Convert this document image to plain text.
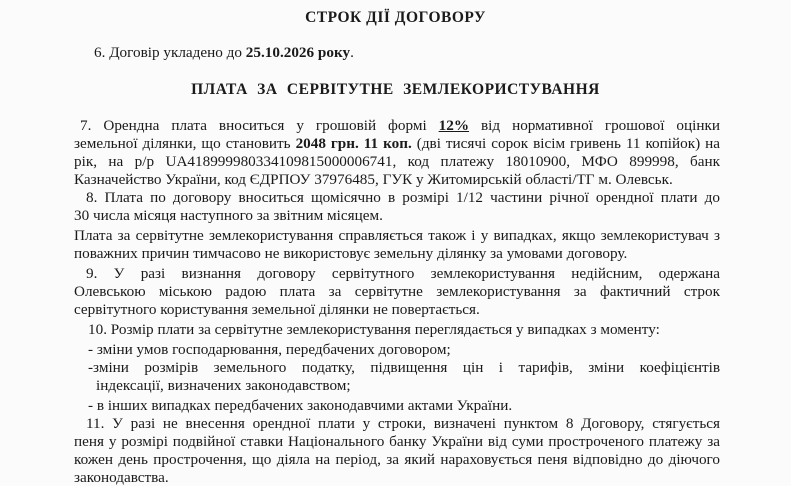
СТРОК ДІЇ ДОГОВОРУ
6. Договір укладено до 25.10.2026 року.
ПЛАТА ЗА СЕРВІТУТНЕ ЗЕМЛЕКОРИСТУВАННЯ
7. Орендна плата вноситься у грошовій формі 12% від нормативної грошової оцінки
земельної ділянки, що становить 2048 грн. 11 коп. (дві тисячі сорок вісім гривень 11 копійок) на
рік, на р/р UA418999980334109815000006741, код платежу 18010900, МФО 899998, банк
Казначейство України, код ЄДРПОУ 37976485, ГУК у Житомирській області/ТГ м. Олевськ.
8. Плата по договору вноситься щомісячно в розмірі 1/12 частини річної орендної плати до
30 числа місяця наступного за звітним місяцем.
Плата за сервітутне землекористування справляється також і у випадках, якщо землекористувач з
поважних причин тимчасово не використовує земельну ділянку за умовами договору.
9. У разі визнання договору сервітутного землекористування недійсним, одержана
Олевською міською радою плата за сервітутне землекористування за фактичний строк
сервітутного користування земельної ділянки не повертається.
10. Розмір плати за сервітутне землекористування переглядається у випадках з моменту:
- зміни умов господарювання, передбачених договором;
-зміни розмірів земельного податку, підвищення цін і тарифів, зміни коефіцієнтів
індексації, визначених законодавством;
- в інших випадках передбачених законодавчими актами України.
11. У разі не внесення орендної плати у строки, визначені пунктом 8 Договору, стягується
пеня у розмірі подвійної ставки Національного банку України від суми простроченого платежу за
кожен день прострочення, що діяла на період, за який нараховується пеня відповідно до діючого
законодавства.
